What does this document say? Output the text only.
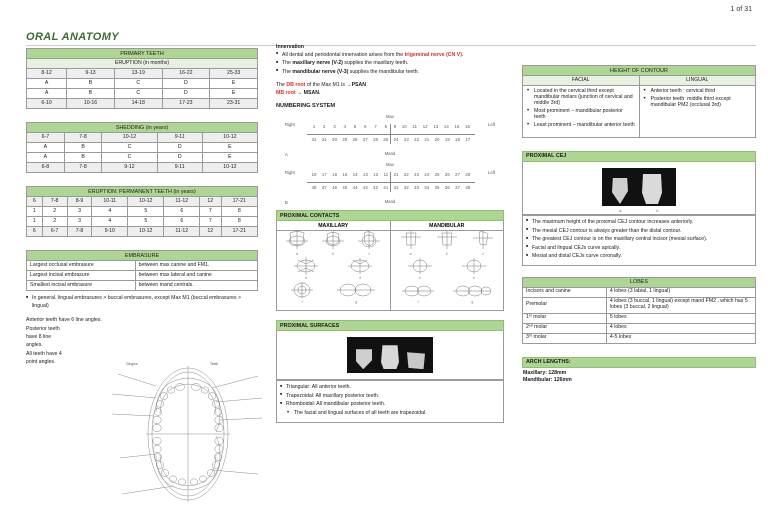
1 of 31
ORAL ANATOMY
PRIMARY TEETH				
ERUPTION (in months)				
8-12	9-13	13-19	16-22	25-33
A	B	C	D	E
A	B	C	D	E
6-10	10-16	14-18	17-23	23-31
SHEDDING (in years)				
6-7	7-8	10-12	9-11	10-12
A	B	C	D	E
A	B	C	D	E
6-8	7-8	9-12	9-11	10-12
ERUPTION: PERMANENT TEETH (in years)							
6	7-8	8-9	10-11	10-12	11-12	12	17-21
1	2	3	4	5	6	7	8
1	2	3	4	5	6	7	8
6	6-7	7-8	9-10	10-12	11-12	12	17-21
EMBRASURE	
Largest occlusal embrasure	between max canine and FM1.
Largest incisal embrasure	between max lateral and canine
Smallest incisal embrasure	between mand centrals.
■ In general, lingual embrasures > buccal embrasures, except Max M1 (buccal embrasures > lingual)
Anterior teeth have 6 line angles.
Posterior teeth
have 8 line
angles.
All teeth have 4
point angles.	Gingiva	Teeth
Innervation
■ All dental and periodontal innervation arises from the trigeminal nerve (CN V).
■ The maxillary nerve (V-2) supplies the maxillary teeth.
■ The mandibular nerve (V-3) supplies the mandibular teeth.
The DB root of the Max M1 is →PSAN
MB root → MSAN.
NUMBERING SYSTEM
Max
Mand
Right	Left
1 2 3 4 5 6 7 8 9 10 11 12 13 14 15 16
32 31 30 29 28 27 26 25 24 23 22 21 20 19 18 17
A
Max
Mand
Right	Left
18 17 16 15 14 13 12 11 21 22 23 24 25 26 27 28
48 47 46 45 44 43 42 41 31 32 33 34 35 36 37 38
B
PROXIMAL CONTACTS
MAXILLARY	MANDIBULAR
a	b	c
d	e
f	g
a	b	c
d	e
f	g
PROXIMAL SURFACES
■ Triangular: All anterior teeth.
■ Trapezoidal: All maxillary posterior teeth.
■ Rhomboidal: All mandibular posterior teeth.
• The facial and lingual surfaces of all teeth are trapezoidal.
HEIGHT OF CONTOUR	
FACIAL	LINGUAL

• Located in the cervical third except mandibular molars (junction of cervical and middle 3rd)
• Most prominent – mandibular posterior teeth
• Least prominent – mandibular anterior teeth

• Anterior teeth : cervical third
• Posterior teeth: middle third except mandibular PM2 (occlusal 3rd)
PROXIMAL CEJ
a	b
■ The maximum height of the proximal CEJ contour increases anteriorly.
■ The mesial CEJ contour is always greater than the distal contour.
■ The greatest CEJ contour is on the maxillary central incisor (mesial surface).
■ Facial and lingual CEJs curve apically.
■ Mesial and distal CEJs curve coronally.
LOBES	
Incisors and canine	4 lobes (3 labial, 1 lingual)
Premolar	4 lobes (3 buccal, 1 lingual) except mand FM2 , which has 5 lobes (3 buccal, 2 lingual)
1ˢᵗ molar	5 lobes
2ⁿᵈ molar	4 lobes
3ʳᵈ molar	4-5 lobes
ARCH LENGTHS:
Maxillary: 128mm
Mandibular: 126mm
